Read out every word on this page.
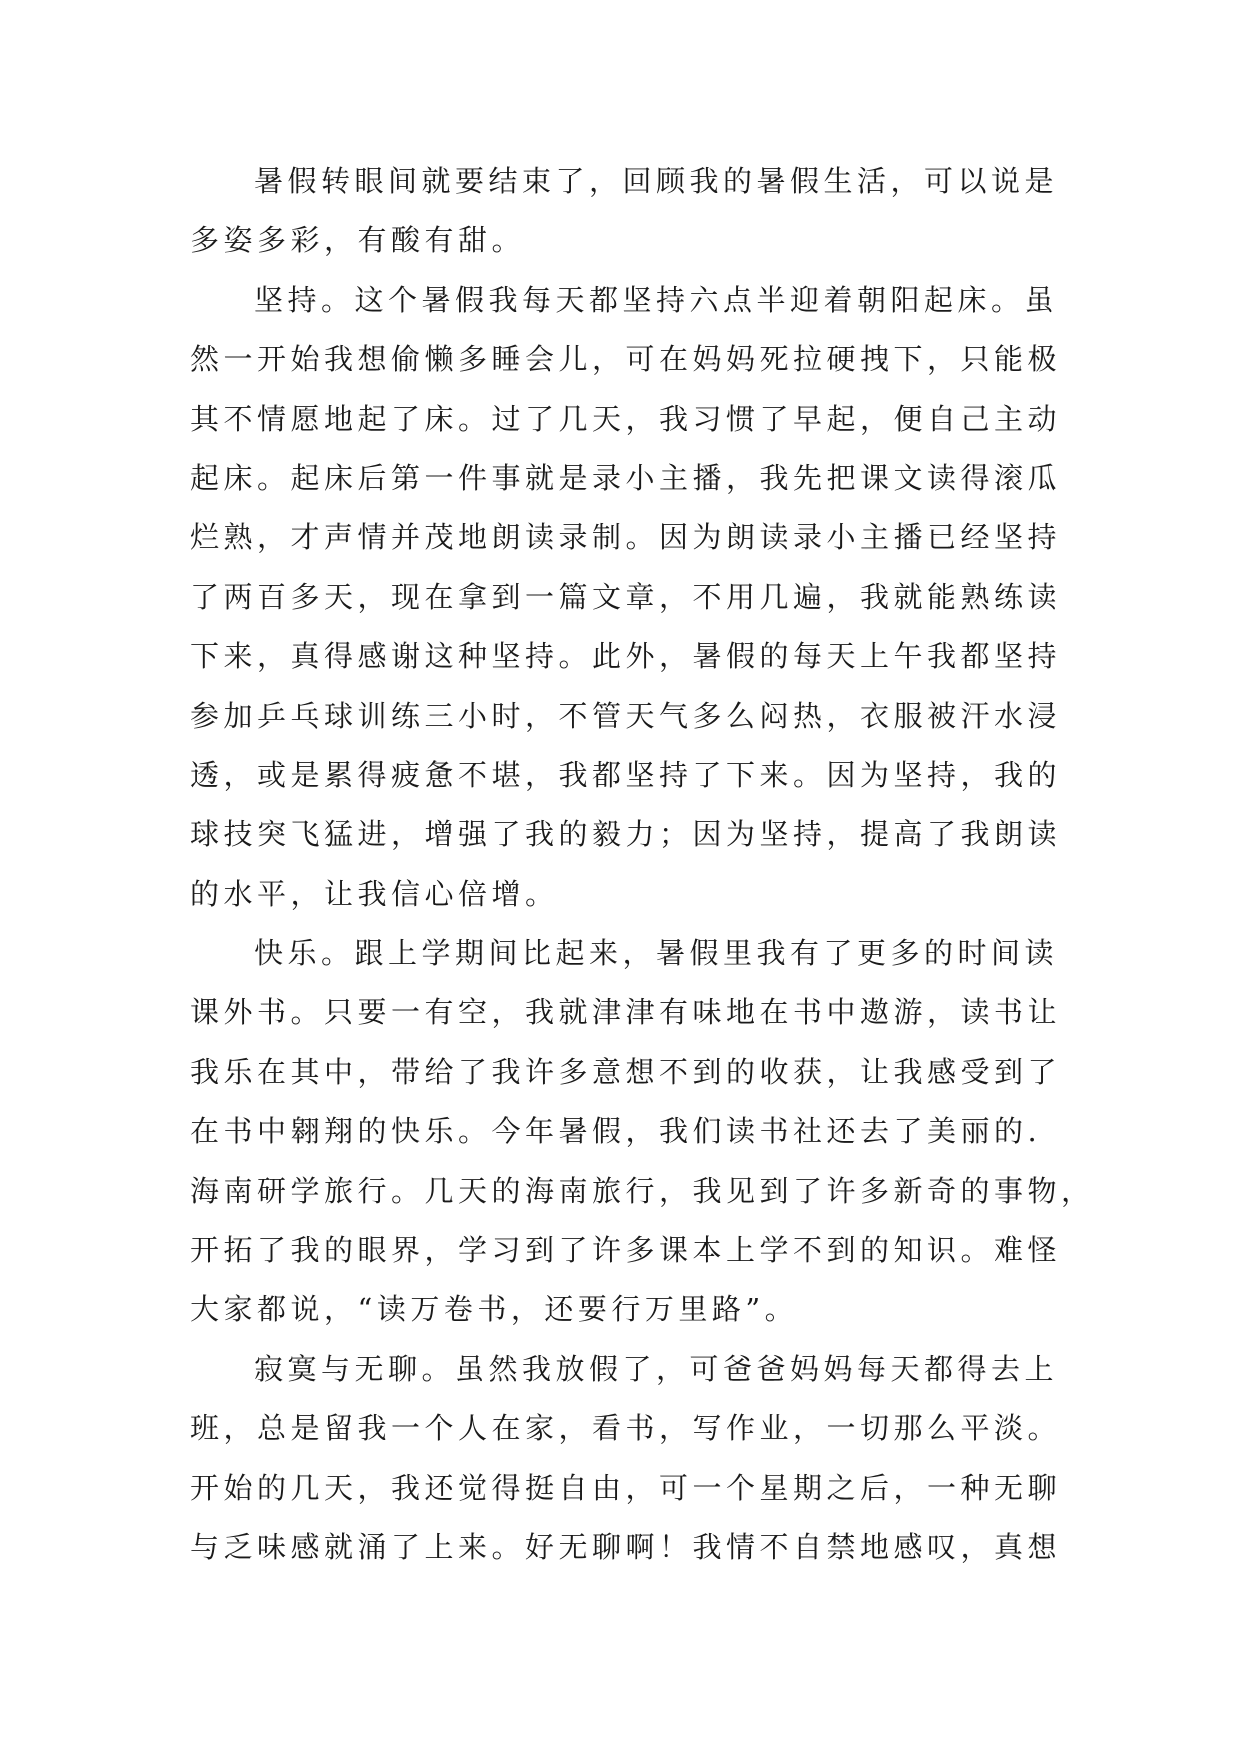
暑假转眼间就要结束了，回顾我的暑假生活，可以说是
多姿多彩，有酸有甜。
坚持。这个暑假我每天都坚持六点半迎着朝阳起床。虽
然一开始我想偷懒多睡会儿，可在妈妈死拉硬拽下，只能极
其不情愿地起了床。过了几天，我习惯了早起，便自己主动
起床。起床后第一件事就是录小主播，我先把课文读得滚瓜
烂熟，才声情并茂地朗读录制。因为朗读录小主播已经坚持
了两百多天，现在拿到一篇文章，不用几遍，我就能熟练读
下来，真得感谢这种坚持。此外，暑假的每天上午我都坚持
参加乒乓球训练三小时，不管天气多么闷热，衣服被汗水浸
透，或是累得疲惫不堪，我都坚持了下来。因为坚持，我的
球技突飞猛进，增强了我的毅力；因为坚持，提高了我朗读
的水平，让我信心倍增。
快乐。跟上学期间比起来，暑假里我有了更多的时间读
课外书。只要一有空，我就津津有味地在书中遨游，读书让
我乐在其中，带给了我许多意想不到的收获，让我感受到了
在书中翱翔的快乐。今年暑假，我们读书社还去了美丽的.
海南研学旅行。几天的海南旅行，我见到了许多新奇的事物，
开拓了我的眼界，学习到了许多课本上学不到的知识。难怪
大家都说，“读万卷书，还要行万里路”。
寂寞与无聊。虽然我放假了，可爸爸妈妈每天都得去上
班，总是留我一个人在家，看书，写作业，一切那么平淡。
开始的几天，我还觉得挺自由，可一个星期之后，一种无聊
与乏味感就涌了上来。好无聊啊！我情不自禁地感叹，真想
